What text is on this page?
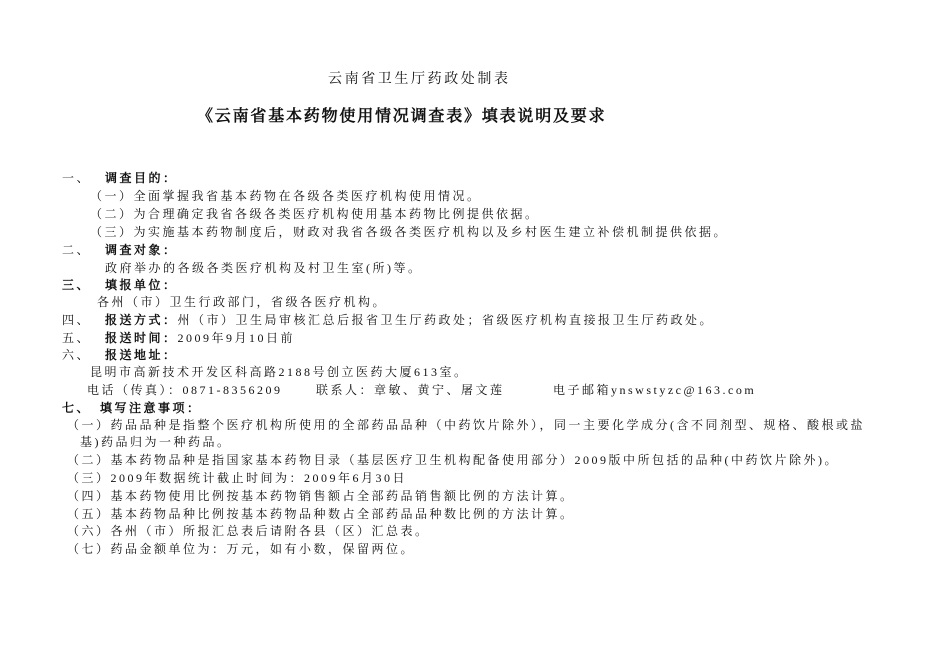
云南省卫生厅药政处制表
《云南省基本药物使用情况调查表》填表说明及要求
一、 调查目的：
（一）全面掌握我省基本药物在各级各类医疗机构使用情况。
（二）为合理确定我省各级各类医疗机构使用基本药物比例提供依据。
（三）为实施基本药物制度后，财政对我省各级各类医疗机构以及乡村医生建立补偿机制提供依据。
二、 调查对象：
政府举办的各级各类医疗机构及村卫生室(所)等。
三、 填报单位：
各州（市）卫生行政部门，省级各医疗机构。
四、 报送方式：州（市）卫生局审核汇总后报省卫生厅药政处；省级医疗机构直接报卫生厅药政处。
五、 报送时间：2009年9月10日前
六、 报送地址：
昆明市高新技术开发区科高路2188号创立医药大厦613室。
电话（传真）：0871-8356209	联系人：章敏、黄宁、屠文莲	电子邮箱ynswstyzc@163.com
七、 填写注意事项：
（一）药品品种是指整个医疗机构所使用的全部药品品种（中药饮片除外），同一主要化学成分(含不同剂型、规格、酸根或盐
基)药品归为一种药品。
（二）基本药物品种是指国家基本药物目录（基层医疗卫生机构配备使用部分）2009版中所包括的品种(中药饮片除外)。
（三）2009年数据统计截止时间为：2009年6月30日
（四）基本药物使用比例按基本药物销售额占全部药品销售额比例的方法计算。
（五）基本药物品种比例按基本药物品种数占全部药品品种数比例的方法计算。
（六）各州（市）所报汇总表后请附各县（区）汇总表。
（七）药品金额单位为：万元，如有小数，保留两位。
